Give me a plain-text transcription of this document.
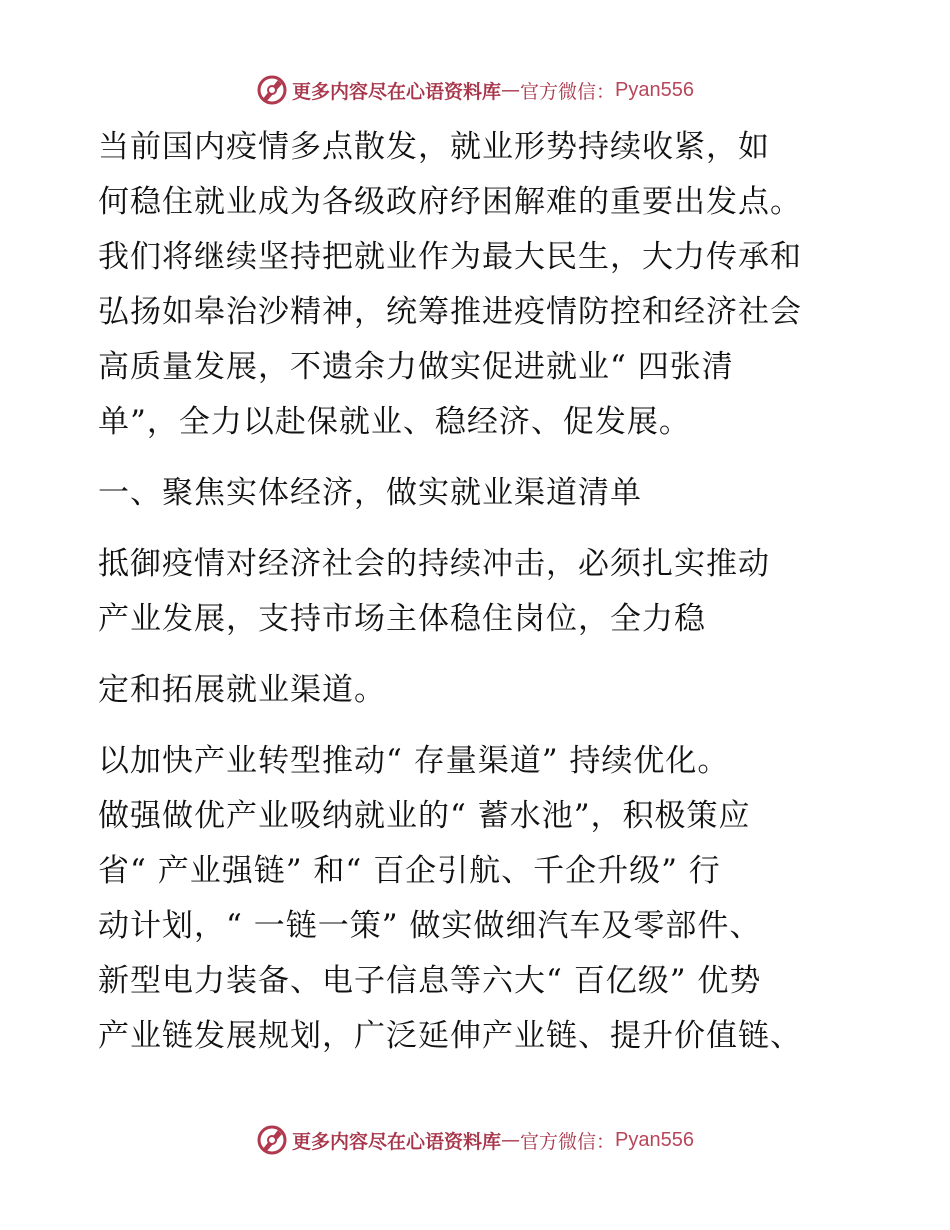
更多内容尽在心语资料库 — 官方微信： Pyan556
当前国内疫情多点散发，就业形势持续收紧，如
何稳住就业成为各级政府纾困解难的重要出发点。
我们将继续坚持把就业作为最大民生，大力传承和
弘扬如皋治沙精神，统筹推进疫情防控和经济社会
高质量发展，不遗余力做实促进就业“ 四张清
单”，全力以赴保就业、稳经济、促发展。
一、聚焦实体经济，做实就业渠道清单
抵御疫情对经济社会的持续冲击，必须扎实推动
产业发展，支持市场主体稳住岗位，全力稳
定和拓展就业渠道。
以加快产业转型推动“ 存量渠道” 持续优化。
做强做优产业吸纳就业的“ 蓄水池”，积极策应
省“ 产业强链” 和“ 百企引航、千企升级” 行
动计划，“ 一链一策” 做实做细汽车及零部件、
新型电力装备、电子信息等六大“ 百亿级” 优势
产业链发展规划，广泛延伸产业链、提升价值链、
更多内容尽在心语资料库 — 官方微信： Pyan556
